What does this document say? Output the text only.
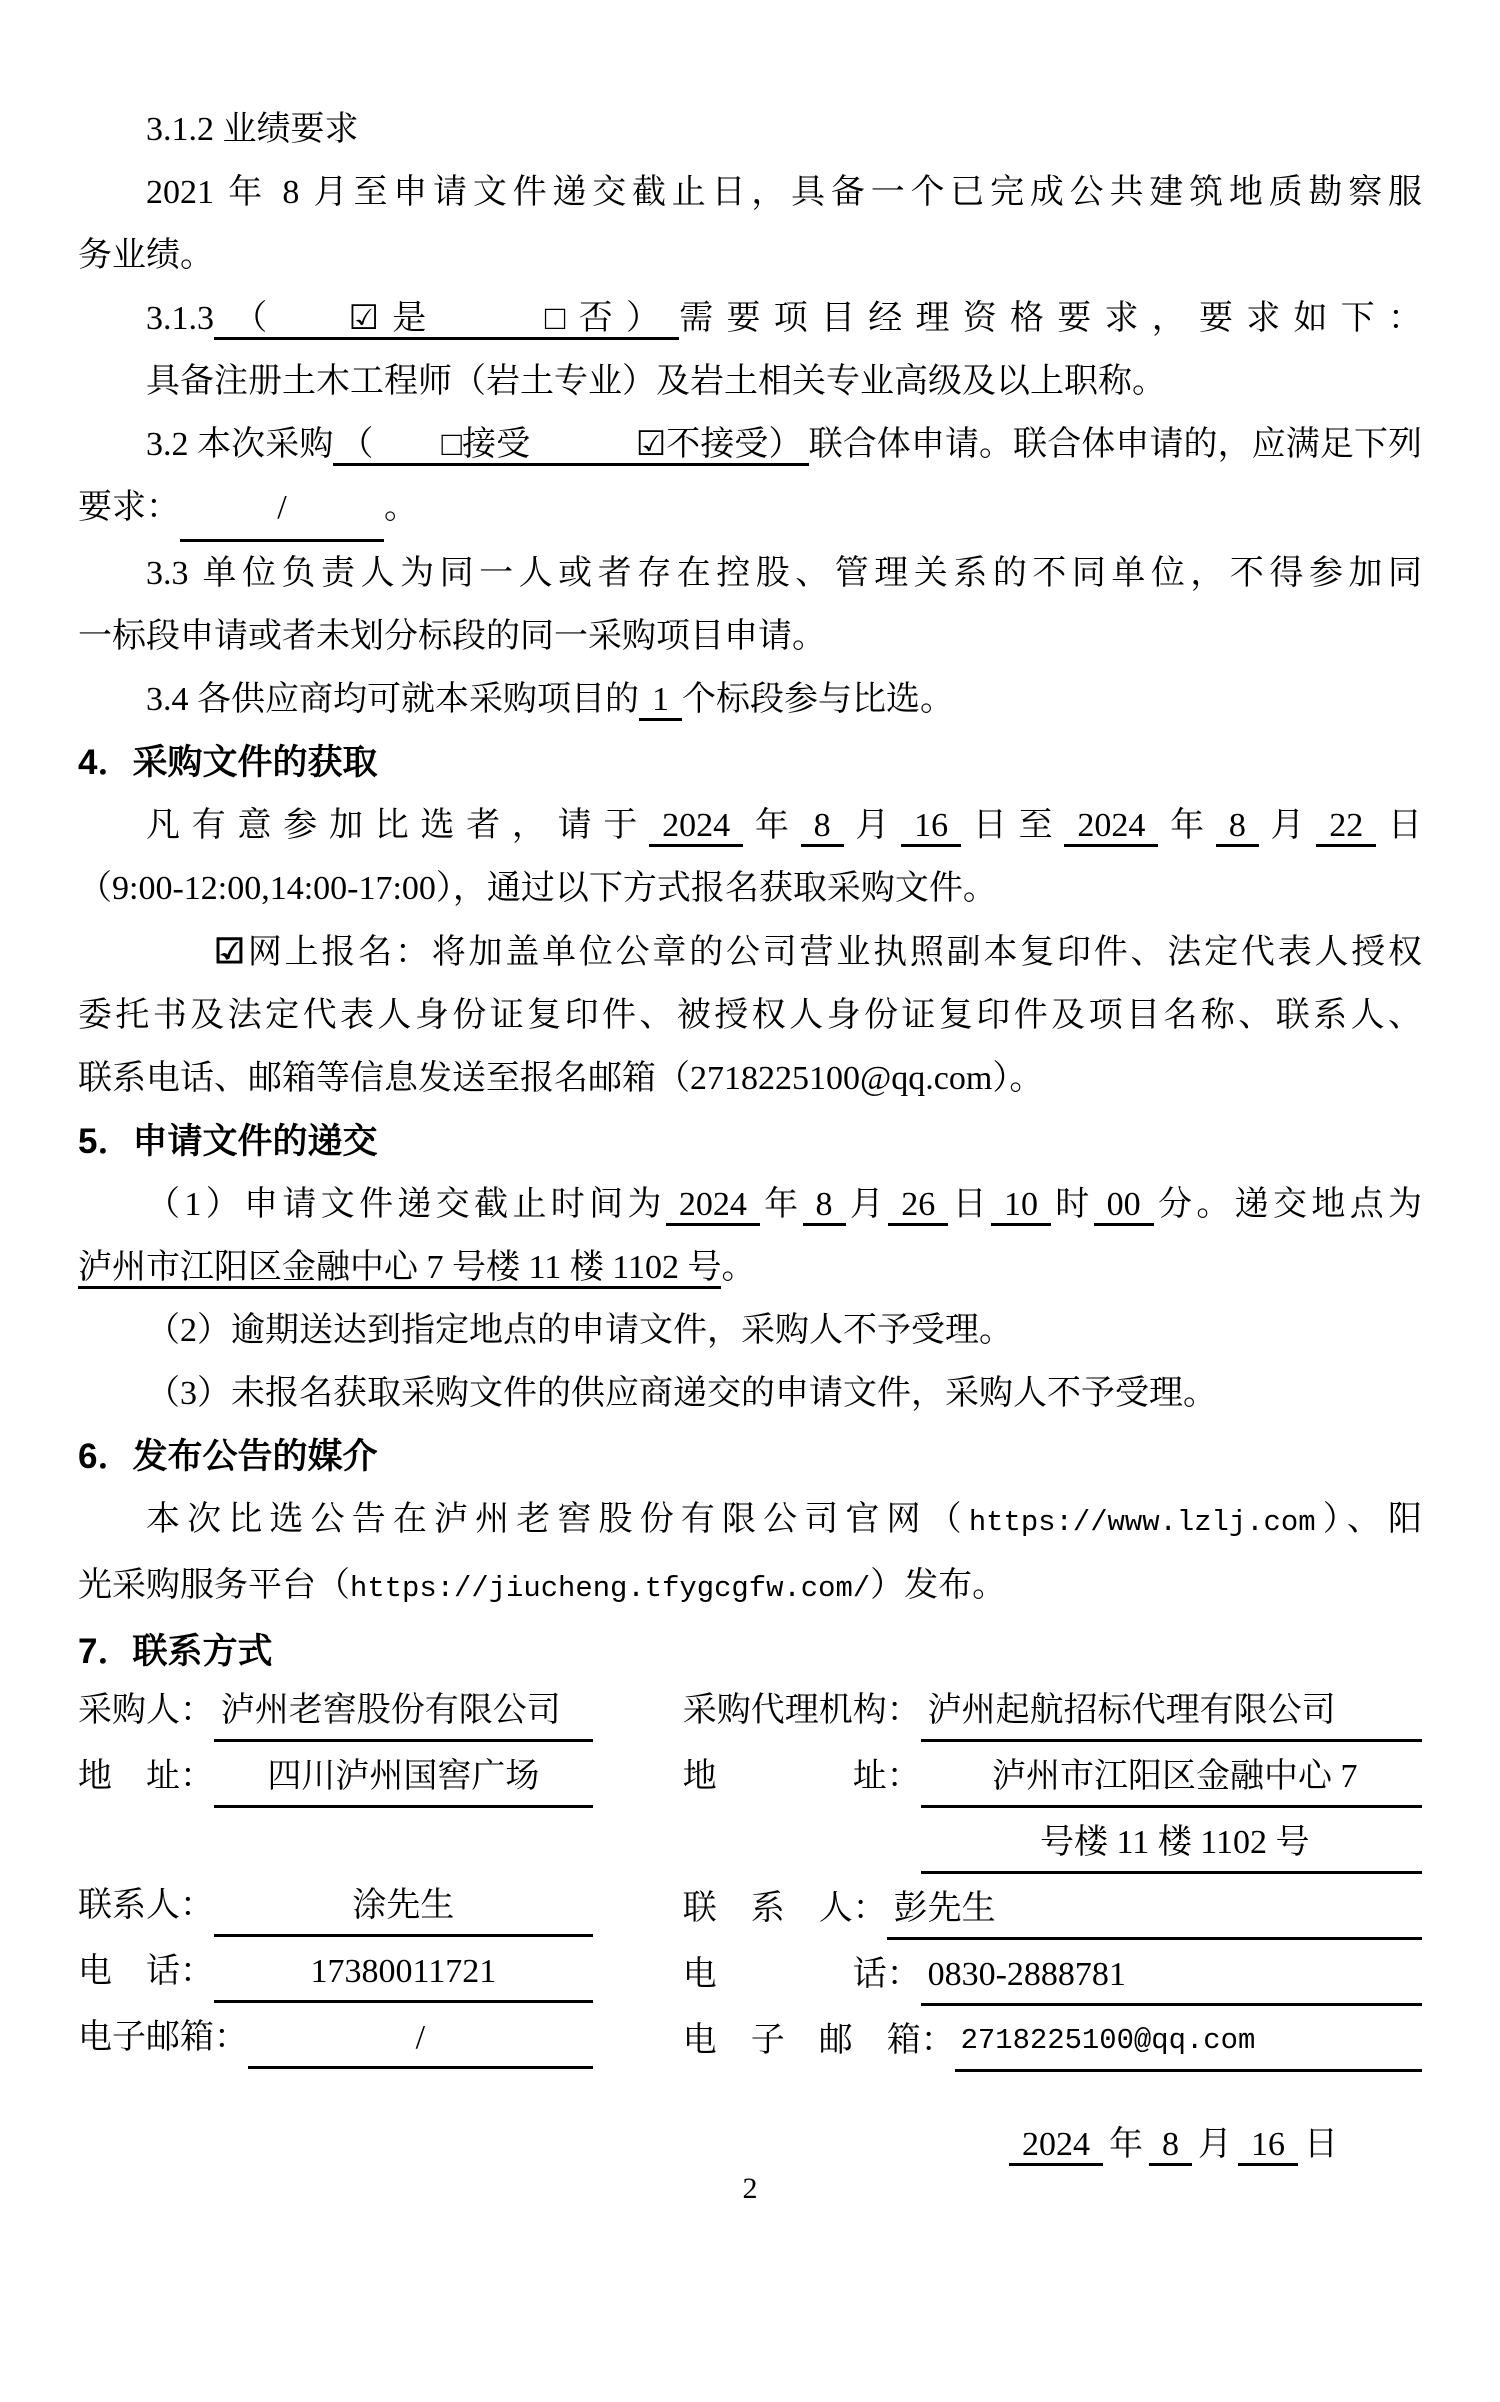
3.1.2 业绩要求
2021 年 8 月至申请文件递交截止日，具备一个已完成公共建筑地质勘察服
务业绩。
3.1.3 （ ☑是	□否） 需要项目经理资格要求，要求如下：
具备注册土木工程师（岩土专业）及岩土相关专业高级及以上职称。
3.2 本次采购 （ □接受	☑不接受） 联合体申请。联合体申请的，应满足下列
要求：	/	。
3.3 单位负责人为同一人或者存在控股、管理关系的不同单位，不得参加同
一标段申请或者未划分标段的同一采购项目申请。
3.4 各供应商均可就本采购项目的 1 个标段参与比选。
4．采购文件的获取
凡有意参加比选者，请于 2024 年 8 月 16 日至 2024 年 8 月 22 日
（9:00-12:00,14:00-17:00），通过以下方式报名获取采购文件。
☑网上报名：将加盖单位公章的公司营业执照副本复印件、法定代表人授权
委托书及法定代表人身份证复印件、被授权人身份证复印件及项目名称、联系人、
联系电话、邮箱等信息发送至报名邮箱（2718225100@qq.com）。
5．申请文件的递交
（1）申请文件递交截止时间为 2024 年 8 月 26 日 10 时 00 分。递交地点为
泸州市江阳区金融中心 7 号楼 11 楼 1102 号。
（2）逾期送达到指定地点的申请文件，采购人不予受理。
（3）未报名获取采购文件的供应商递交的申请文件，采购人不予受理。
6．发布公告的媒介
本次比选公告在泸州老窖股份有限公司官网（https://www.lzlj.com）、阳
光采购服务平台（https://jiucheng.tfygcgfw.com/）发布。
7．联系方式
采购人： 泸州老窖股份有限公司
地　址：	四川泸州国窖广场
联系人：	涂先生
电　话：	17380011721
电子邮箱：	/
采购代理机构： 泸州起航招标代理有限公司
地　　　　址：	泸州市江阳区金融中心 7
号楼 11 楼 1102 号
联　系　人： 彭先生
电　　　　话： 0830-2888781
电　子　邮　箱： 2718225100@qq.com
2024 年 8 月 16 日
2
